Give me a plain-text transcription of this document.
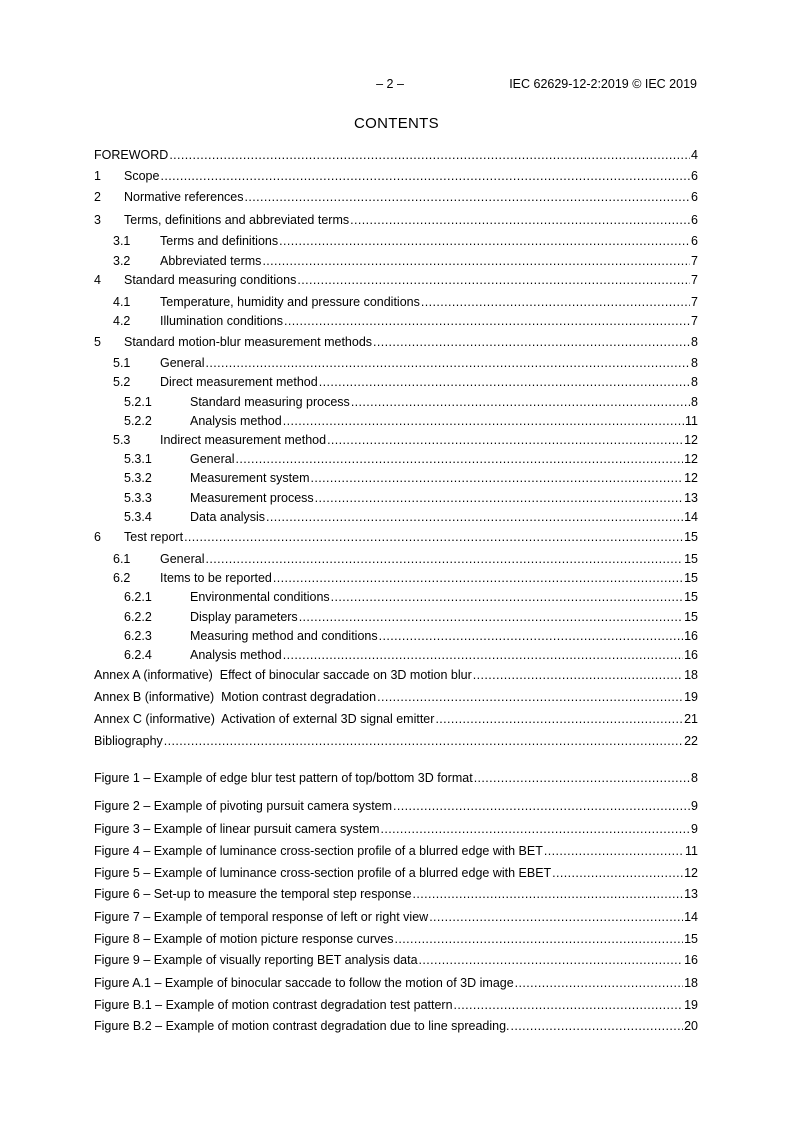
– 2 –	IEC 62629-12-2:2019 © IEC 2019
CONTENTS
FOREWORD .....	4
1	Scope .....	6
2	Normative references .....	6
3	Terms, definitions and abbreviated terms .....	6
3.1	Terms and definitions .....	6
3.2	Abbreviated terms .....	7
4	Standard measuring conditions .....	7
4.1	Temperature, humidity and pressure conditions .....	7
4.2	Illumination conditions .....	7
5	Standard motion-blur measurement methods .....	8
5.1	General .....	8
5.2	Direct measurement method .....	8
5.2.1	Standard measuring process .....	8
5.2.2	Analysis method .....	11
5.3	Indirect measurement method .....	12
5.3.1	General .....	12
5.3.2	Measurement system .....	12
5.3.3	Measurement process .....	13
5.3.4	Data analysis .....	14
6	Test report .....	15
6.1	General .....	15
6.2	Items to be reported .....	15
6.2.1	Environmental conditions .....	15
6.2.2	Display parameters .....	15
6.2.3	Measuring method and conditions .....	16
6.2.4	Analysis method .....	16
Annex A (informative)  Effect of binocular saccade on 3D motion blur .....	18
Annex B (informative)  Motion contrast degradation .....	19
Annex C (informative)  Activation of external 3D signal emitter .....	21
Bibliography .....	22
Figure 1 – Example of edge blur test pattern of top/bottom 3D format .....	8
Figure 2 – Example of pivoting pursuit camera system .....	9
Figure 3 – Example of linear pursuit camera system .....	9
Figure 4 – Example of luminance cross-section profile of a blurred edge with BET .....	11
Figure 5 – Example of luminance cross-section profile of a blurred edge with EBET .....	12
Figure 6 – Set-up to measure the temporal step response .....	13
Figure 7 – Example of temporal response of left or right view .....	14
Figure 8 – Example of motion picture response curves .....	15
Figure 9 – Example of visually reporting BET analysis data .....	16
Figure A.1 – Example of binocular saccade to follow the motion of 3D image .....	18
Figure B.1 – Example of motion contrast degradation test pattern .....	19
Figure B.2 – Example of motion contrast degradation due to line spreading. .....	20
